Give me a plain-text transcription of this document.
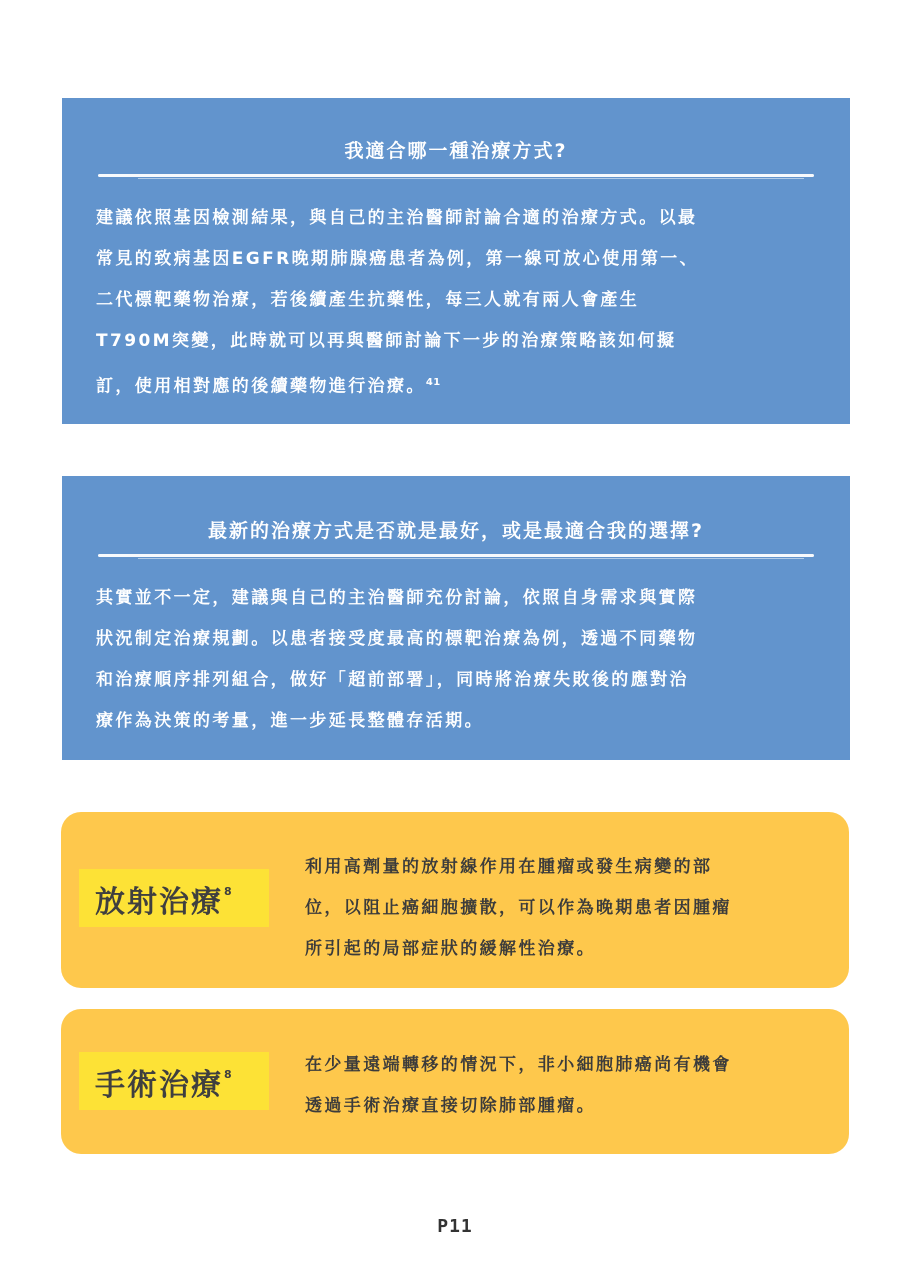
我適合哪一種治療方式?
建議依照基因檢測結果，與自己的主治醫師討論合適的治療方式。以最
常見的致病基因EGFR晚期肺腺癌患者為例，第一線可放心使用第一、
二代標靶藥物治療，若後續產生抗藥性，每三人就有兩人會產生
T790M突變，此時就可以再與醫師討論下一步的治療策略該如何擬
訂，使用相對應的後續藥物進行治療。$^{41}$
最新的治療方式是否就是最好，或是最適合我的選擇?
其實並不一定，建議與自己的主治醫師充份討論，依照自身需求與實際
狀況制定治療規劃。以患者接受度最高的標靶治療為例，透過不同藥物
和治療順序排列組合，做好「超前部署」，同時將治療失敗後的應對治
療作為決策的考量，進一步延長整體存活期。
放射治療$^8$
利用高劑量的放射線作用在腫瘤或發生病變的部
位，以阻止癌細胞擴散，可以作為晚期患者因腫瘤
所引起的局部症狀的緩解性治療。
手術治療$^8$	在少量遠端轉移的情況下，非小細胞肺癌尚有機會
透過手術治療直接切除肺部腫瘤。
P11
